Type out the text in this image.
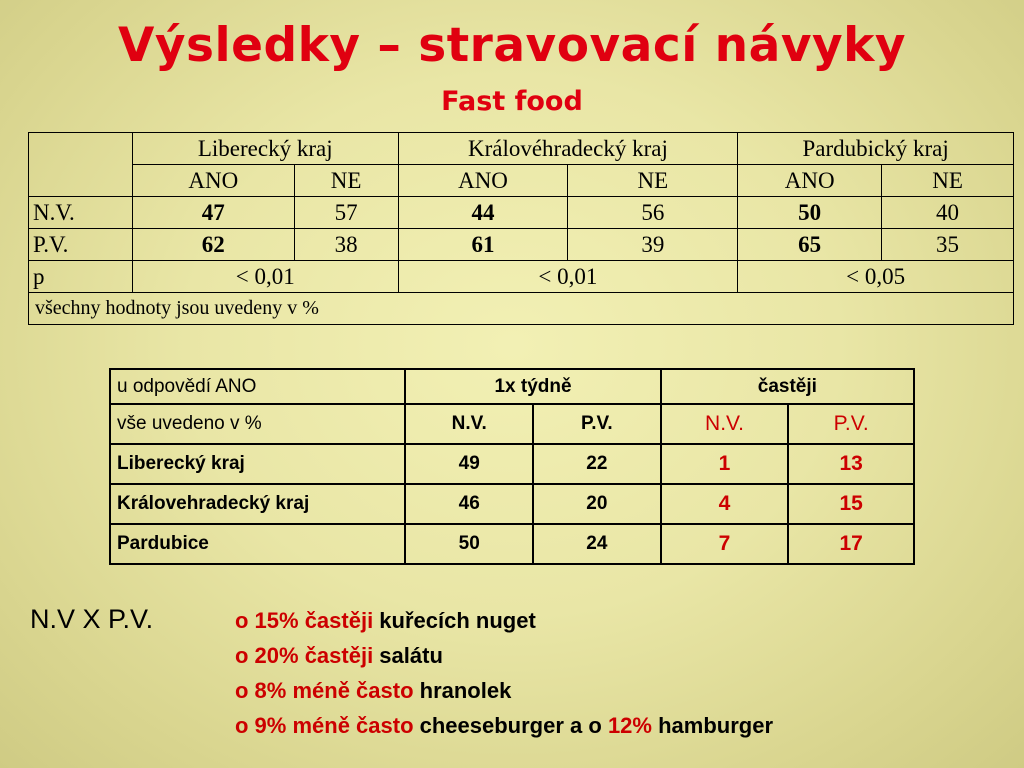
Výsledky – stravovací návyky
Fast food
	Liberecký kraj		Královéhradecký kraj		Pardubický kraj	
	ANO	NE	ANO	NE	ANO	NE
N.V.	47	57	44	56	50	40
P.V.	62	38	61	39	65	35
p	< 0,01		< 0,01		< 0,05	
všechny hodnoty jsou uvedeny v %						
u odpovědí ANO	1x týdně		častěji	
vše uvedeno v %	N.V.	P.V.	N.V.	P.V.
Liberecký kraj	49	22	1	13
Královehradecký kraj	46	20	4	15
Pardubice	50	24	7	17
N.V X P.V.	o 15% častěji kuřecích nuget
o 20% častěji salátu
o 8% méně často hranolek
o 9% méně často cheeseburger a o 12% hamburger
